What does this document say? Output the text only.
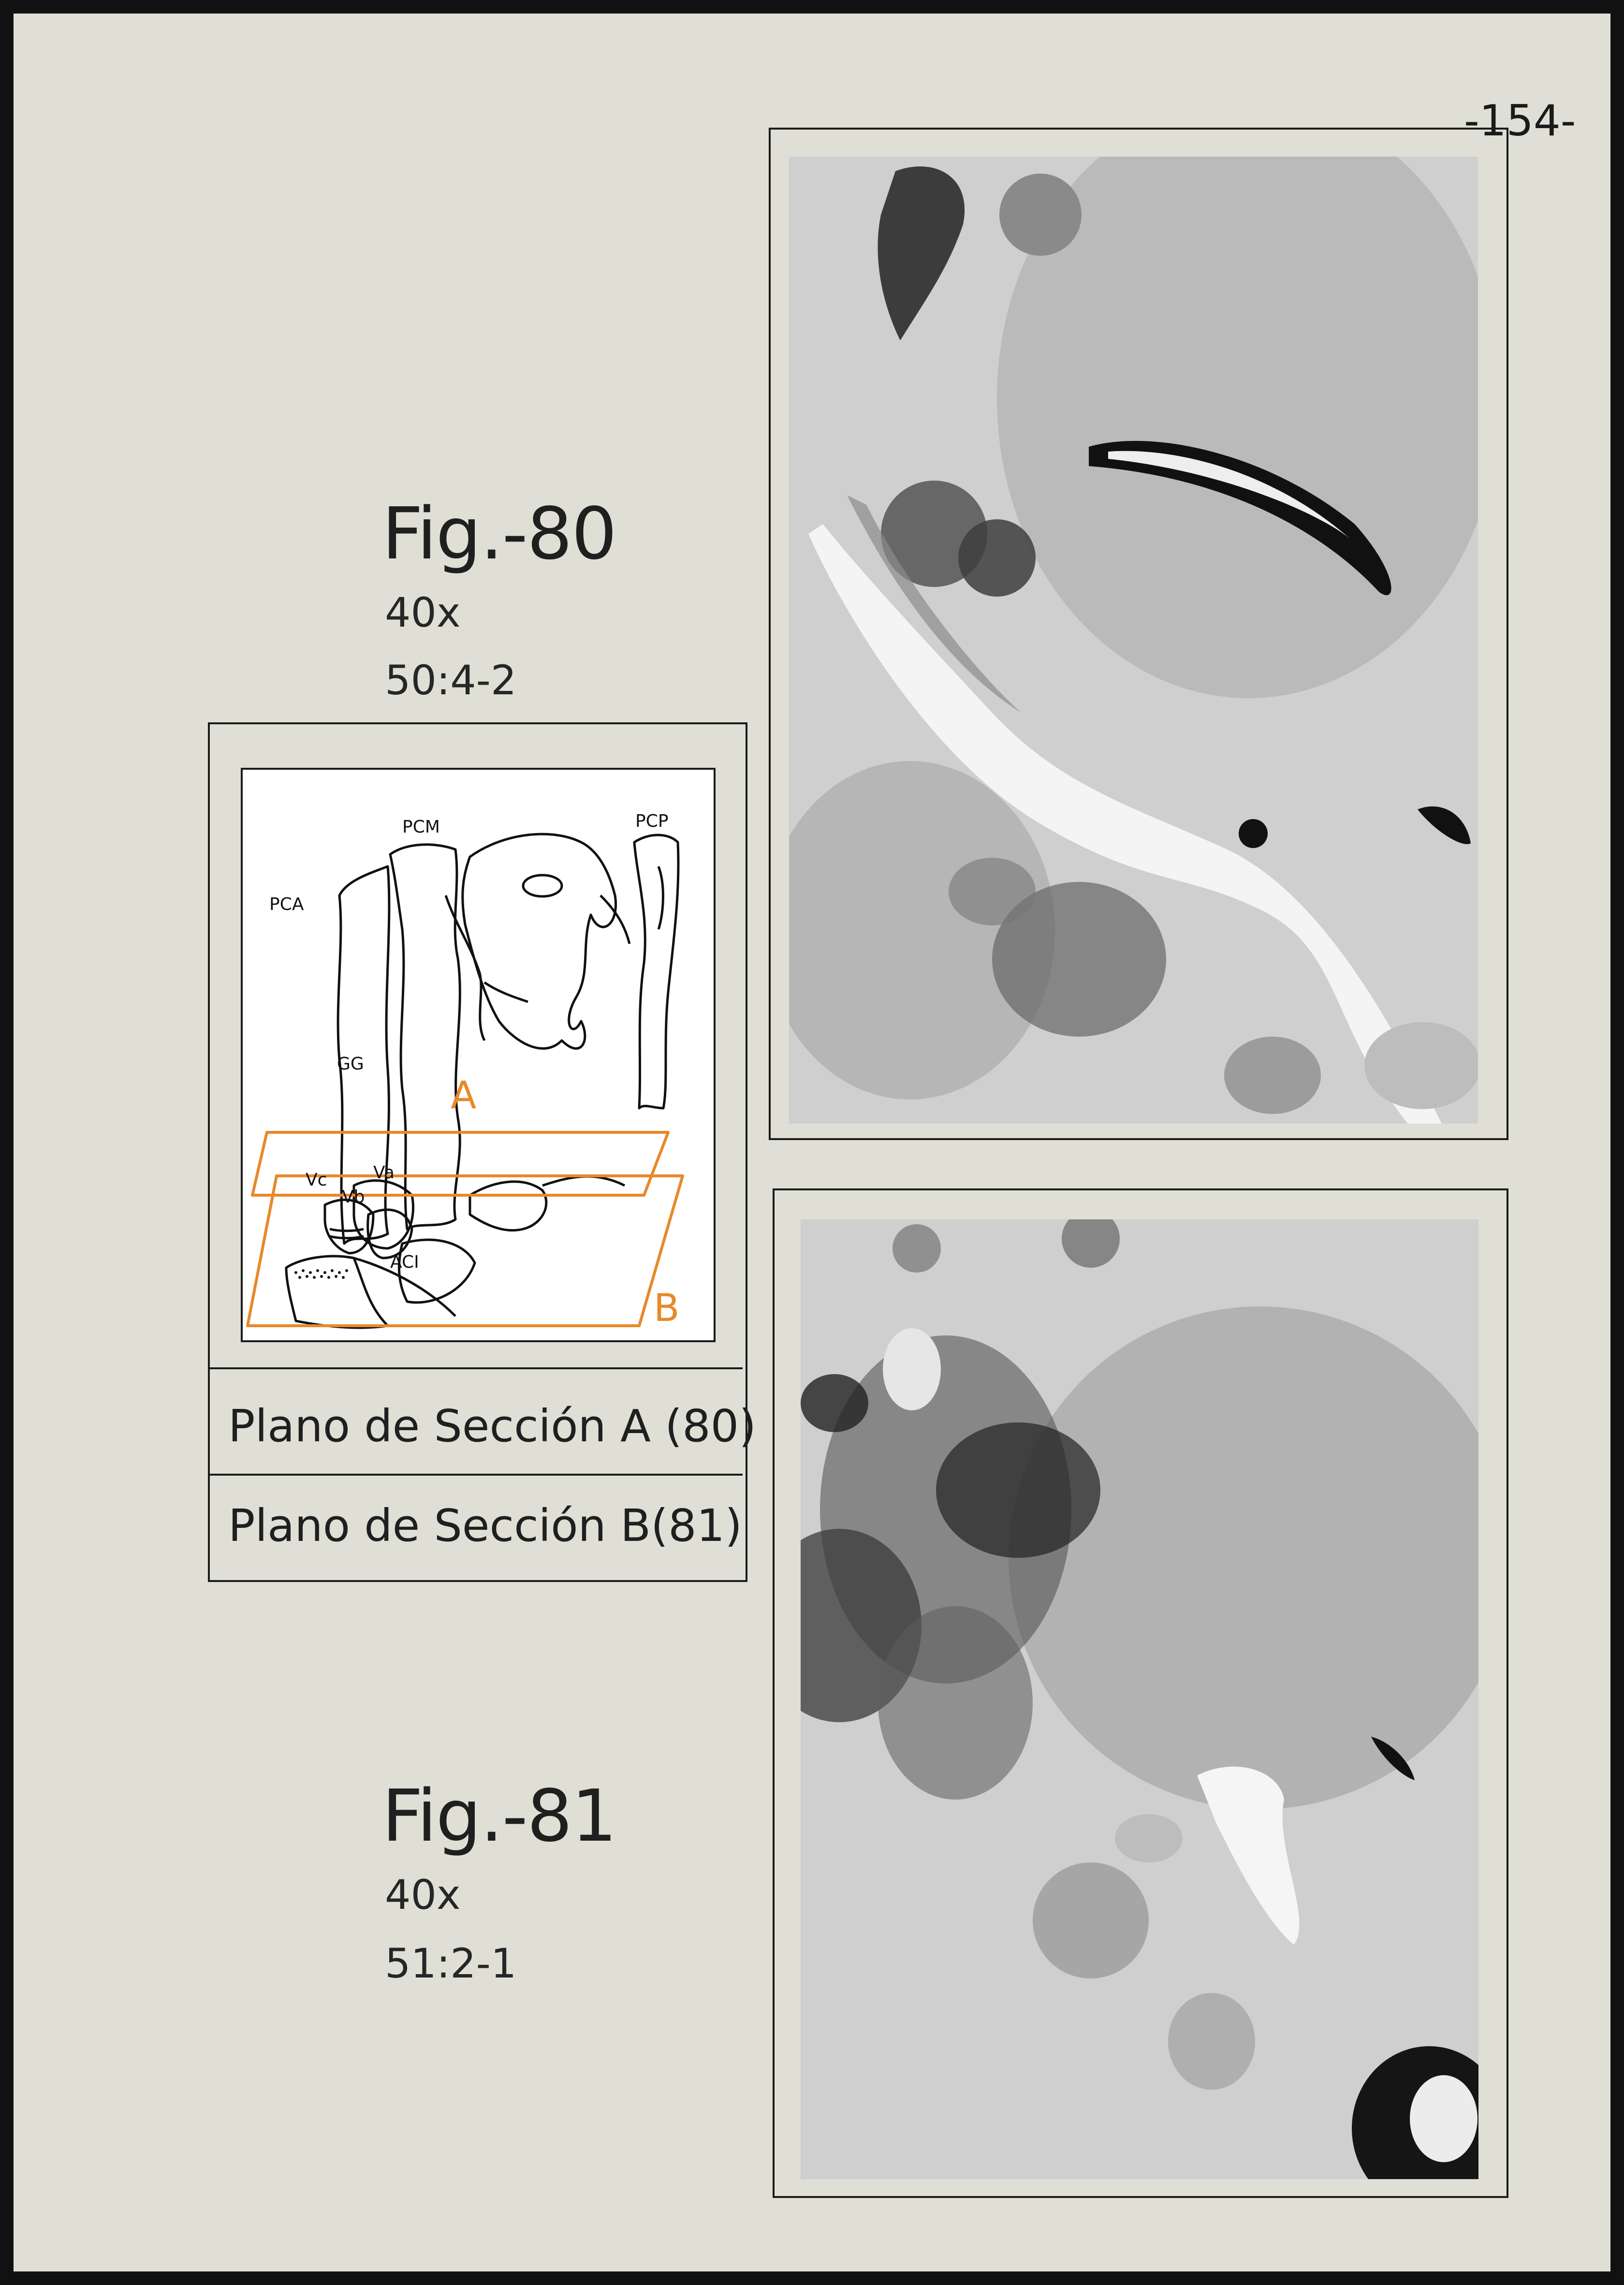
-154-
Fig.-80
40x
50:4-2
PCM	PCP
PCA
GG
Va
Vb
Vc
ACI
A
B
Plano de Sección A (80)
Plano de Sección B(81)
Fig.-81
40x
51:2-1
